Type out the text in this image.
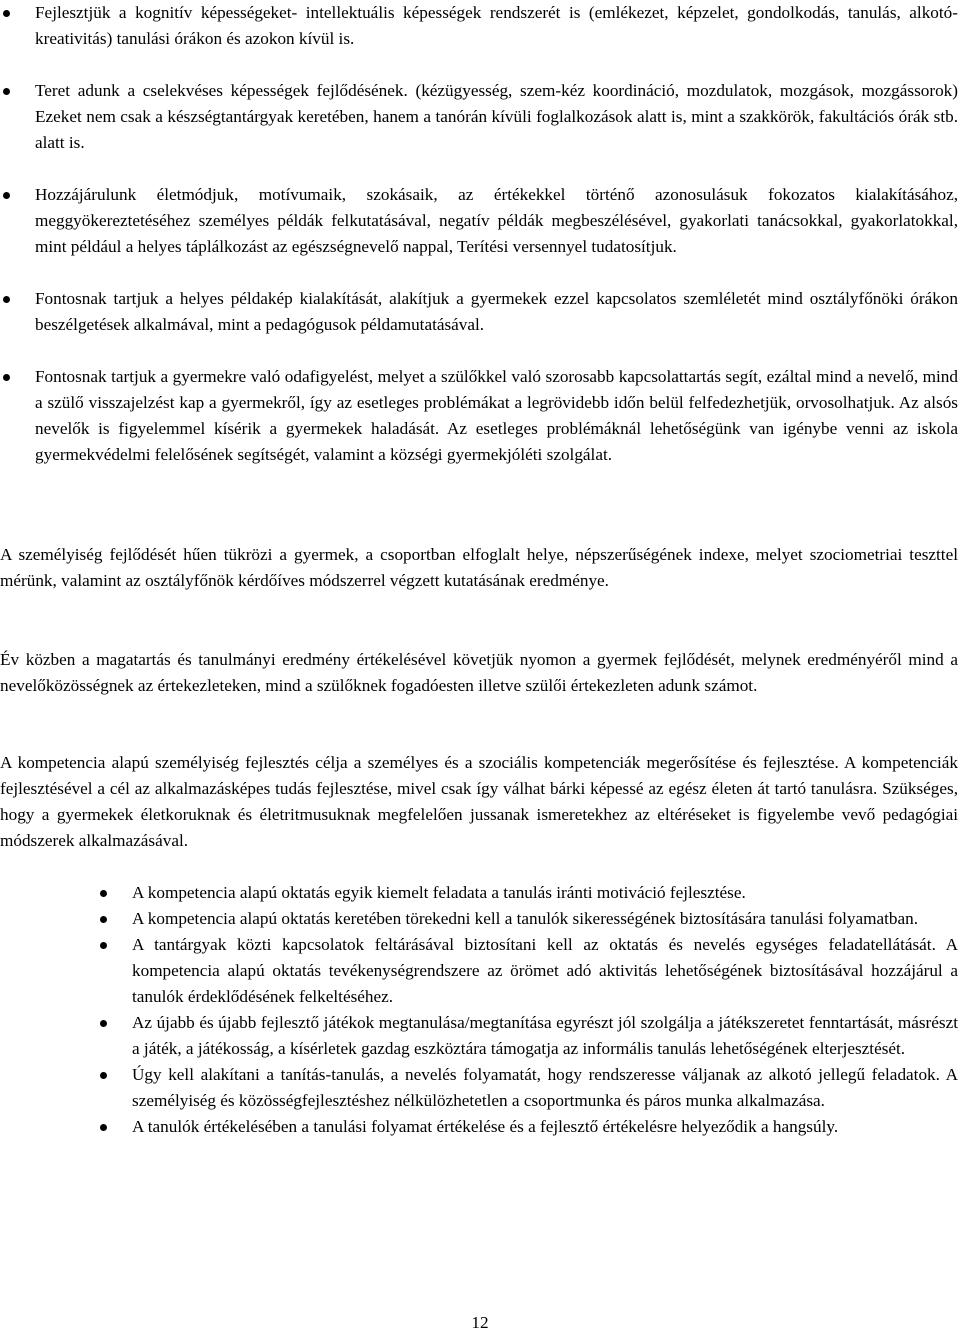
Fejlesztjük a kognitív képességeket- intellektuális képességek rendszerét is (emlékezet, képzelet, gondolkodás, tanulás, alkotó- kreativitás) tanulási órákon és azokon kívül is.
Teret adunk a cselekvéses képességek fejlődésének. (kézügyesség, szem-kéz koordináció, mozdulatok, mozgások, mozgássorok) Ezeket nem csak a készségtantárgyak keretében, hanem a tanórán kívüli foglalkozások alatt is, mint a szakkörök, fakultációs órák stb. alatt is.
Hozzájárulunk életmódjuk, motívumaik, szokásaik, az értékekkel történő azonosulásuk fokozatos kialakításához, meggyökereztetéséhez személyes példák felkutatásával, negatív példák megbeszélésével, gyakorlati tanácsokkal, gyakorlatokkal, mint például a helyes táplálkozást az egészségnevelő nappal, Terítési versennyel tudatosítjuk.
Fontosnak tartjuk a helyes példakép kialakítását, alakítjuk a gyermekek ezzel kapcsolatos szemléletét mind osztályfőnöki órákon beszélgetések alkalmával, mint a pedagógusok példamutatásával.
Fontosnak tartjuk a gyermekre való odafigyelést, melyet a szülőkkel való szorosabb kapcsolattartás segít, ezáltal mind a nevelő, mind a szülő visszajelzést kap a gyermekről, így az esetleges problémákat a legrövidebb időn belül felfedezhetjük, orvosolhatjuk. Az alsós nevelők is figyelemmel kísérik a gyermekek haladását. Az esetleges problémáknál lehetőségünk van igénybe venni az iskola gyermekvédelmi felelősének segítségét, valamint a községi gyermekjóléti szolgálat.

A személyiség fejlődését hűen tükrözi a gyermek, a csoportban elfoglalt helye, népszerűségének indexe, melyet szociometriai teszttel mérünk, valamint az osztályfőnök kérdőíves módszerrel végzett kutatásának eredménye.

Év közben a magatartás és tanulmányi eredmény értékelésével követjük nyomon a gyermek fejlődését, melynek eredményéről mind a nevelőközösségnek az értekezleteken, mind a szülőknek fogadóesten illetve szülői értekezleten adunk számot.

A kompetencia alapú személyiség fejlesztés célja a személyes és a szociális kompetenciák megerősítése és fejlesztése. A kompetenciák fejlesztésével a cél az alkalmazásképes tudás fejlesztése, mivel csak így válhat bárki képessé az egész életen át tartó tanulásra. Szükséges, hogy a gyermekek életkoruknak és életritmusuknak megfelelően jussanak ismeretekhez az eltéréseket is figyelembe vevő pedagógiai módszerek alkalmazásával.

A kompetencia alapú oktatás egyik kiemelt feladata a tanulás iránti motiváció fejlesztése.
A kompetencia alapú oktatás keretében törekedni kell a tanulók sikerességének biztosítására tanulási folyamatban.
A tantárgyak közti kapcsolatok feltárásával biztosítani kell az oktatás és nevelés egységes feladatellátását. A kompetencia alapú oktatás tevékenységrendszere az örömet adó aktivitás lehetőségének biztosításával hozzájárul a tanulók érdeklődésének felkeltéséhez.
Az újabb és újabb fejlesztő játékok megtanulása/megtanítása egyrészt jól szolgálja a játékszeretet fenntartását, másrészt a játék, a játékosság, a kísérletek gazdag eszköztára támogatja az informális tanulás lehetőségének elterjesztését.
Úgy kell alakítani a tanítás-tanulás, a nevelés folyamatát, hogy rendszeresse váljanak az alkotó jellegű feladatok. A személyiség és közösségfejlesztéshez nélkülözhetetlen a csoportmunka és páros munka alkalmazása.
A tanulók értékelésében a tanulási folyamat értékelése és a fejlesztő értékelésre helyeződik a hangsúly.
12
